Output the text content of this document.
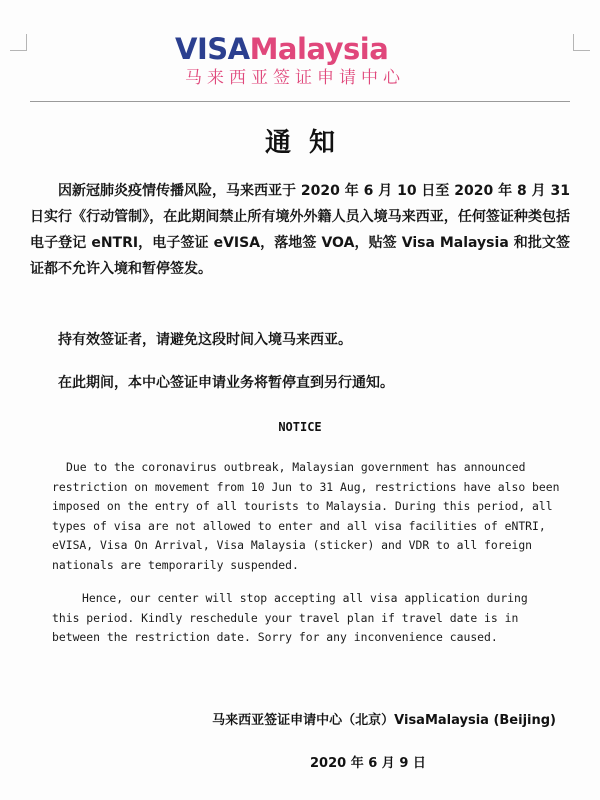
VISAMalaysia
马来西亚签证申请中心
通知
因新冠肺炎疫情传播风险，马来西亚于 2020 年 6 月 10 日至 2020 年 8 月 31 日实行《行动管制》，在此期间禁止所有境外外籍人员入境马来西亚，任何签证种类包括电子登记 eNTRI，电子签证 eVISA，落地签 VOA，贴签 Visa Malaysia 和批文签证都不允许入境和暂停签发。
持有效签证者，请避免这段时间入境马来西亚。
在此期间，本中心签证申请业务将暂停直到另行通知。
NOTICE
Due to the coronavirus outbreak, Malaysian government has announced restriction on movement from 10 Jun to 31 Aug, restrictions have also been imposed on the entry of all tourists to Malaysia. During this period, all types of visa are not allowed to enter and all visa facilities of eNTRI, eVISA, Visa On Arrival, Visa Malaysia (sticker) and VDR to all foreign nationals are temporarily suspended.
Hence, our center will stop accepting all visa application during this period. Kindly reschedule your travel plan if travel date is in between the restriction date. Sorry for any inconvenience caused.
马来西亚签证申请中心（北京）VisaMalaysia (Beijing)
2020 年 6 月 9 日
